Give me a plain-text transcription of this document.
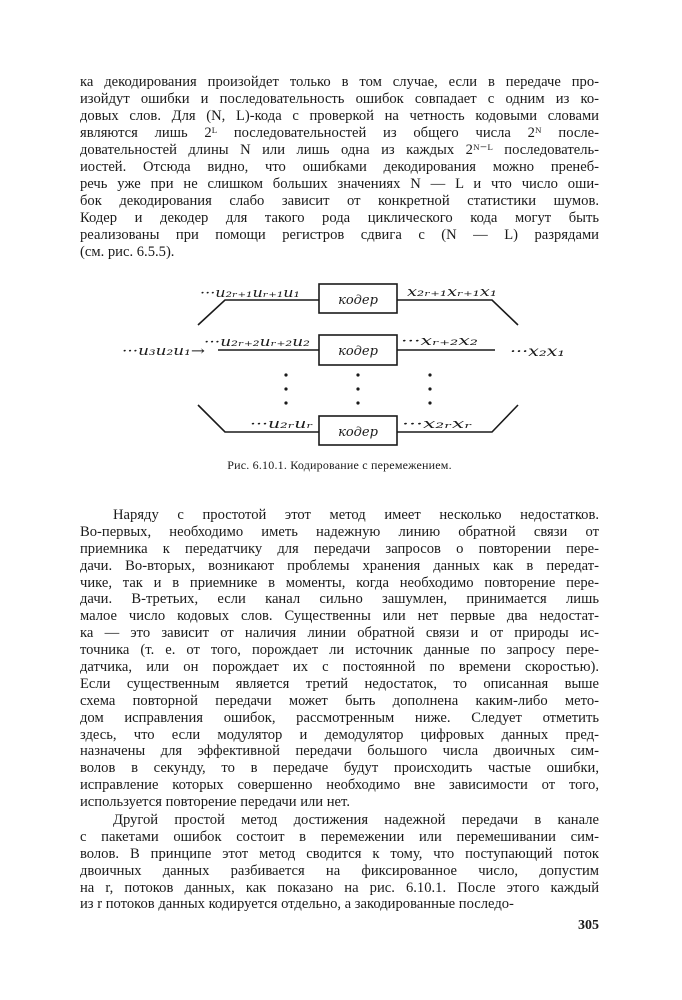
ка декодирования произойдет только в том случае, если в передаче про-
изойдут ошибки и последовательность ошибок совпадает с одним из ко-
довых слов. Для (N, L)-кода с проверкой на четность кодовыми словами
являются лишь 2ᴸ последовательностей из общего числа 2ᴺ после-
довательностей длины N или лишь одна из каждых 2ᴺ⁻ᴸ последователь-
иостей. Отсюда видно, что ошибками декодирования можно пренеб-
речь уже при не слишком больших значениях N — L и что число оши-
бок декодирования слабо зависит от конкретной статистики шумов.
Кодер и декодер для такого рода циклического кода могут быть
реализованы при помощи регистров сдвига с (N — L) разрядами
(см. рис. 6.5.5).
···u₂ᵣ₊₁uᵣ₊₁u₁	кодер
x₂ᵣ₊₁xᵣ₊₁x₁
···u₃u₂u₁→
···u₂ᵣ₊₂uᵣ₊₂u₂
кодер
···xᵣ₊₂x₂
···x₂x₁
···u₂ᵣuᵣ
кодер
···x₂ᵣxᵣ
Рис. 6.10.1. Кодирование с перемежением.
Наряду с простотой этот метод имеет несколько недостатков.
Во-первых, необходимо иметь надежную линию обратной связи от
приемника к передатчику для передачи запросов о повторении пере-
дачи. Во-вторых, возникают проблемы хранения данных как в передат-
чике, так и в приемнике в моменты, когда необходимо повторение пере-
дачи. В-третьих, если канал сильно зашумлен, принимается лишь
малое число кодовых слов. Существенны или нет первые два недостат-
ка — это зависит от наличия линии обратной связи и от природы ис-
точника (т. е. от того, порождает ли источник данные по запросу пере-
датчика, или он порождает их с постоянной по времени скоростью).
Если существенным является третий недостаток, то описанная выше
схема повторной передачи может быть дополнена каким-либо мето-
дом исправления ошибок, рассмотренным ниже. Следует отметить
здесь, что если модулятор и демодулятор цифровых данных пред-
назначены для эффективной передачи большого числа двоичных сим-
волов в секунду, то в передаче будут происходить частые ошибки,
исправление которых совершенно необходимо вне зависимости от того,
используется повторение передачи или нет.
Другой простой метод достижения надежной передачи в канале
с пакетами ошибок состоит в перемежении или перемешивании сим-
волов. В принципе этот метод сводится к тому, что поступающий поток
двоичных данных разбивается на фиксированное число, допустим
на r, потоков данных, как показано на рис. 6.10.1. После этого каждый
из r потоков данных кодируется отдельно, а закодированные последо-
305
